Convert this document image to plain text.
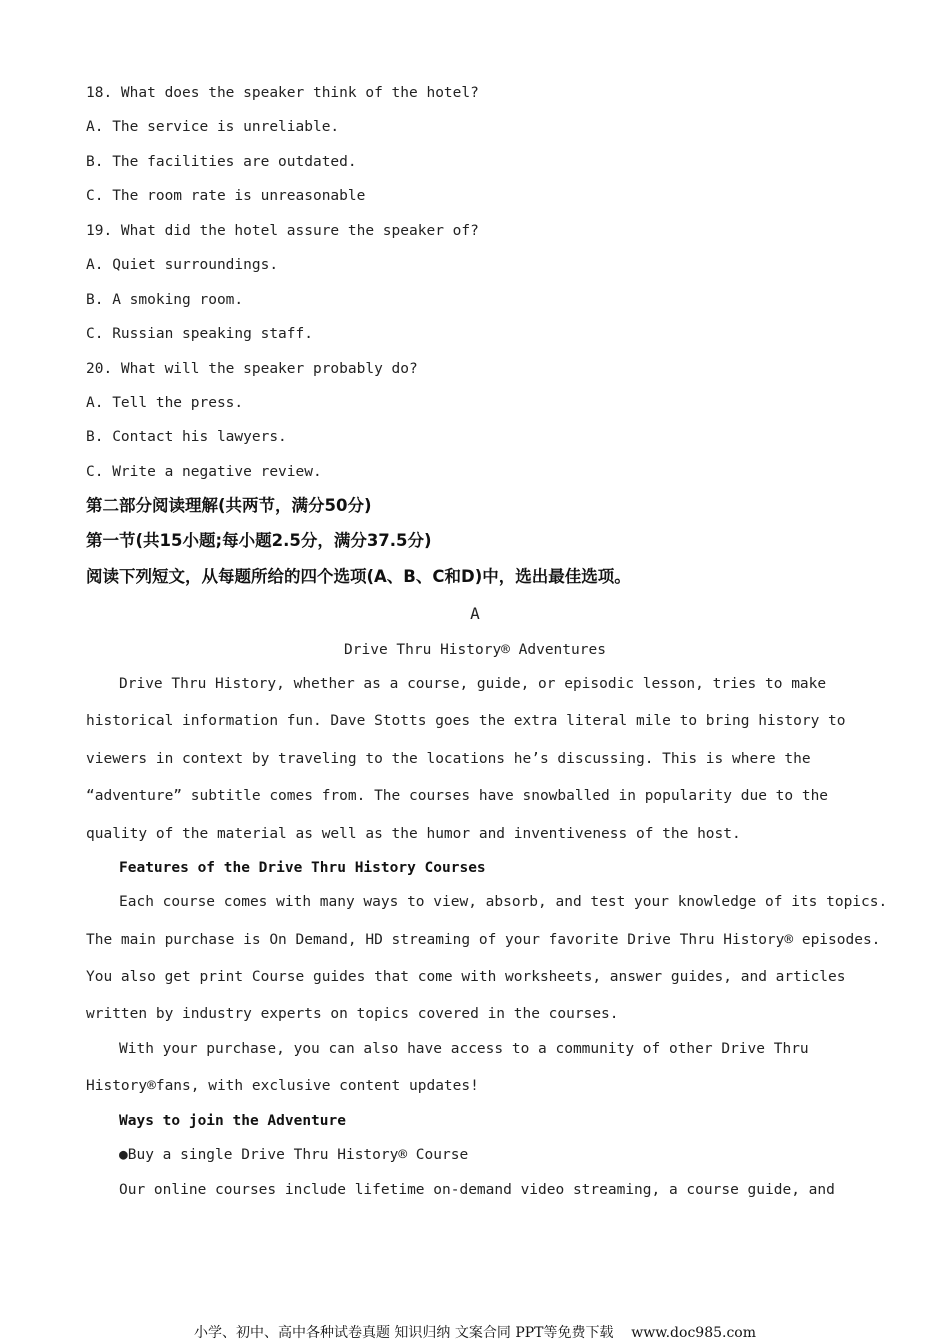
18. What does the speaker think of the hotel?
A. The service is unreliable.
B. The facilities are outdated.
C. The room rate is unreasonable
19. What did the hotel assure the speaker of?
A. Quiet surroundings.
B. A smoking room.
C. Russian speaking staff.
20. What will the speaker probably do?
A. Tell the press.
B. Contact his lawyers.
C. Write a negative review.
第二部分阅读理解(共两节，满分50分)
第一节(共15小题;每小题2.5分，满分37.5分)
阅读下列短文，从每题所给的四个选项(A、B、C和D)中，选出最佳选项。
A
Drive Thru History® Adventures
Drive Thru History, whether as a course, guide, or episodic lesson, tries to make
historical information fun. Dave Stotts goes the extra literal mile to bring history to
viewers in context by traveling to the locations he’s discussing. This is where the
“adventure” subtitle comes from. The courses have snowballed in popularity due to the
quality of the material as well as the humor and inventiveness of the host.
Features of the Drive Thru History Courses
Each course comes with many ways to view, absorb, and test your knowledge of its topics.
The main purchase is On Demand, HD streaming of your favorite Drive Thru History® episodes.
You also get print Course guides that come with worksheets, answer guides, and articles
written by industry experts on topics covered in the courses.
With your purchase, you can also have access to a community of other Drive Thru
History®fans, with exclusive content updates!
Ways to join the Adventure
●Buy a single Drive Thru History® Course
Our online courses include lifetime on-demand video streaming, a course guide, and
小学、初中、高中各种试卷真题 知识归纳 文案合同 PPT等免费下载    www.doc985.com
